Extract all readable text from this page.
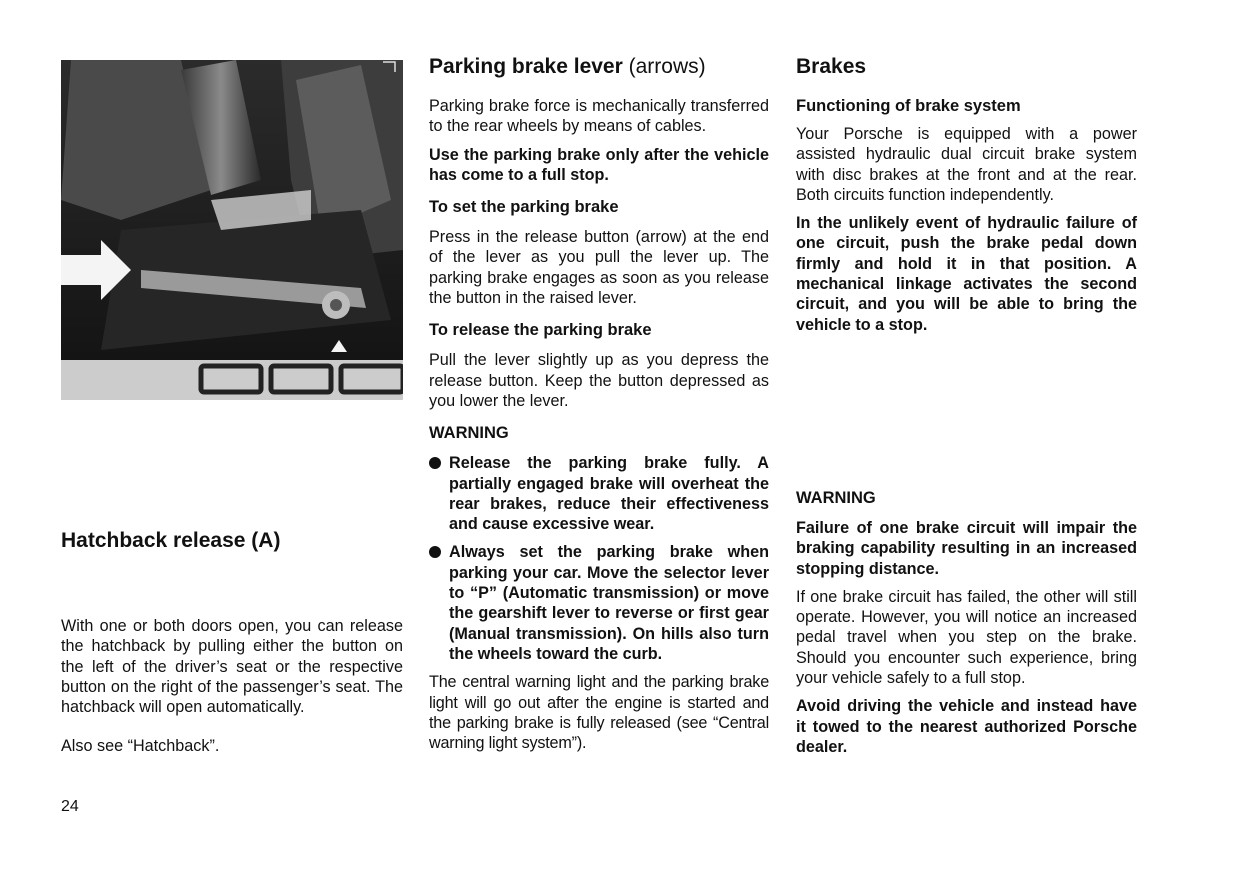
Hatchback release (A)
With one or both doors open, you can release the hatchback by pulling either the button on the left of the driver’s seat or the respective button on the right of the passenger’s seat. The hatchback will open automatically.
Also see “Hatchback”.
24
Parking brake lever (arrows)

Parking brake force is mechanically transferred to the rear wheels by means of cables.

Use the parking brake only after the vehicle has come to a full stop.

To set the parking brake

Press in the release button (arrow) at the end of the lever as you pull the lever up. The parking brake engages as soon as you release the button in the raised lever.

To release the parking brake

Pull the lever slightly up as you depress the release button. Keep the button depressed as you lower the lever.

WARNING

Release the parking brake fully. A partially engaged brake will overheat the rear brakes, reduce their effectiveness and cause excessive wear.
Always set the parking brake when parking your car. Move the selector lever to “P” (Automatic transmission) or move the gearshift lever to reverse or first gear (Manual transmission). On hills also turn the wheels toward the curb.

The central warning light and the parking brake light will go out after the engine is started and the parking brake is fully released (see “Central warning light system”).

Brakes

Functioning of brake system

Your Porsche is equipped with a power assisted hydraulic dual circuit brake system with disc brakes at the front and at the rear. Both circuits function independently.

In the unlikely event of hydraulic failure of one circuit, push the brake pedal down firmly and hold it in that position. A mechanical linkage activates the second circuit, and you will be able to bring the vehicle to a stop.

WARNING

Failure of one brake circuit will impair the braking capability resulting in an increased stopping distance.

If one brake circuit has failed, the other will still operate. However, you will notice an increased pedal travel when you step on the brake. Should you encounter such experience, bring your vehicle safely to a full stop.

Avoid driving the vehicle and instead have it towed to the nearest authorized Porsche dealer.
